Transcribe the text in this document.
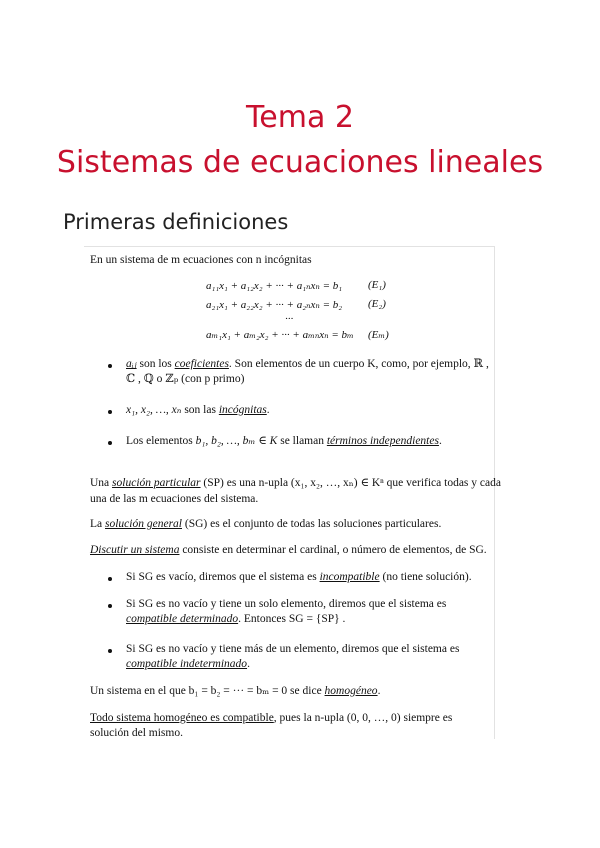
Tema 2
Sistemas de ecuaciones lineales
Primeras definiciones
En un sistema de m ecuaciones con n incógnitas
a₁₁x₁ + a₁₂x₂ + ··· + a₁ₙxₙ = b₁ (E₁)
a₂₁x₁ + a₂₂x₂ + ··· + a₂ₙxₙ = b₂ (E₂)
···
aₘ₁x₁ + aₘ₂x₂ + ··· + aₘₙxₙ = bₘ (Eₘ)
aᵢⱼ son los coeficientes. Son elementos de un cuerpo K, como, por ejemplo, ℝ ,
ℂ , ℚ o ℤₚ (con p primo)
x₁, x₂, …, xₙ son las incógnitas.
Los elementos b₁, b₂, …, bₘ ∈ K se llaman términos independientes.
Una solución particular (SP) es una n-upla (x₁, x₂, …, xₙ) ∈ Kⁿ que verifica todas y cada
una de las m ecuaciones del sistema.
La solución general (SG) es el conjunto de todas las soluciones particulares.
Discutir un sistema consiste en determinar el cardinal, o número de elementos, de SG.
Si SG es vacío, diremos que el sistema es incompatible (no tiene solución).
Si SG es no vacío y tiene un solo elemento, diremos que el sistema es
compatible determinado. Entonces SG = {SP} .
Si SG es no vacío y tiene más de un elemento, diremos que el sistema es
compatible indeterminado.
Un sistema en el que b₁ = b₂ = ··· = bₘ = 0 se dice homogéneo.
Todo sistema homogéneo es compatible, pues la n-upla (0, 0, …, 0) siempre es
solución del mismo.
